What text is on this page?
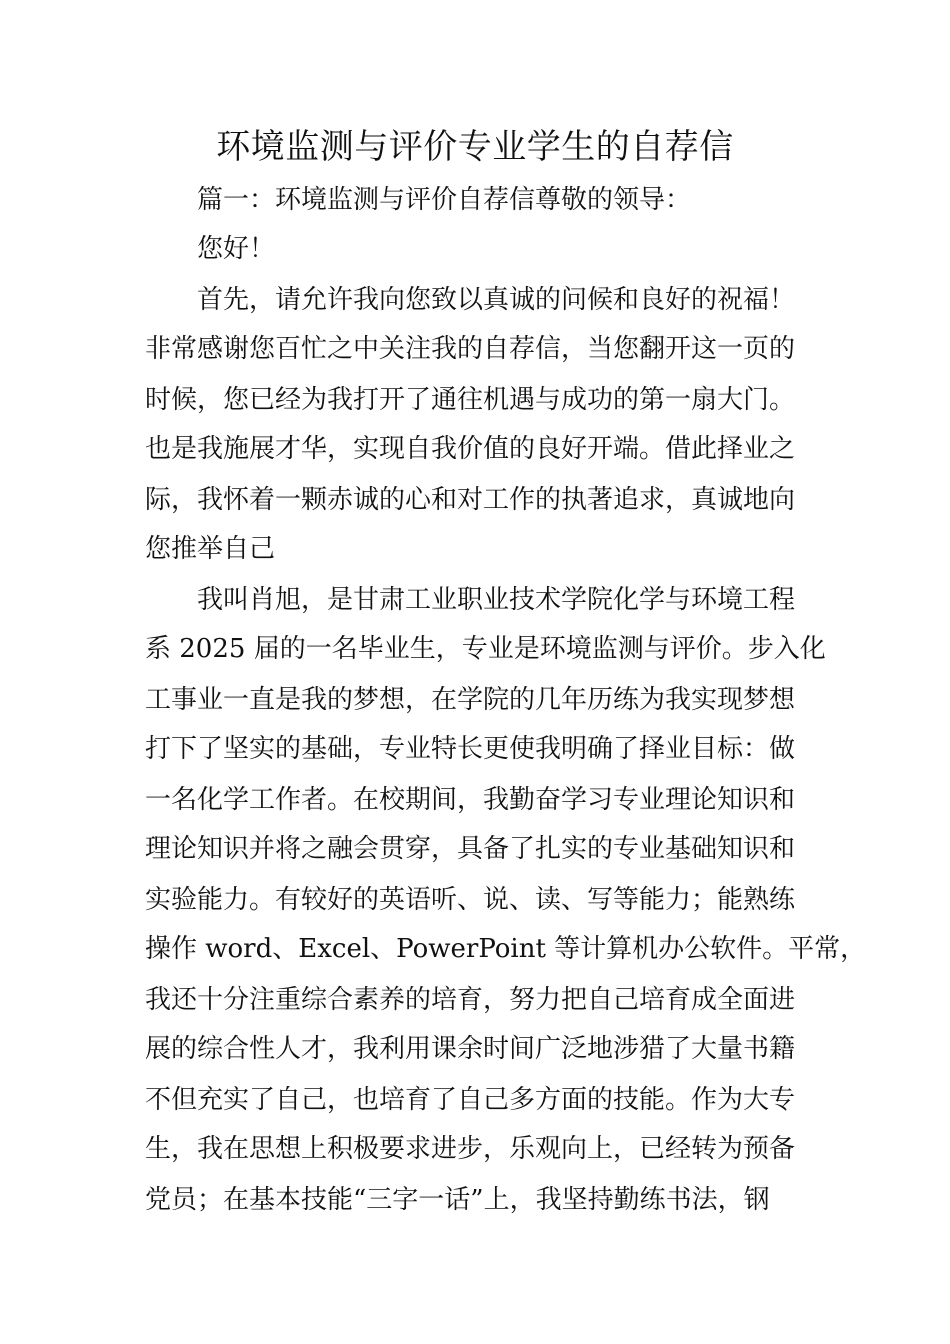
环境监测与评价专业学生的自荐信
篇一：环境监测与评价自荐信尊敬的领导：
您好！
首先，请允许我向您致以真诚的问候和良好的祝福！
非常感谢您百忙之中关注我的自荐信，当您翻开这一页的
时候，您已经为我打开了通往机遇与成功的第一扇大门。
也是我施展才华，实现自我价值的良好开端。借此择业之
际，我怀着一颗赤诚的心和对工作的执著追求，真诚地向
您推举自己
我叫肖旭，是甘肃工业职业技术学院化学与环境工程
系 2025 届的一名毕业生，专业是环境监测与评价。步入化
工事业一直是我的梦想，在学院的几年历练为我实现梦想
打下了坚实的基础，专业特长更使我明确了择业目标：做
一名化学工作者。在校期间，我勤奋学习专业理论知识和
理论知识并将之融会贯穿，具备了扎实的专业基础知识和
实验能力。有较好的英语听、说、读、写等能力；能熟练
操作 word、Excel、PowerPoint 等计算机办公软件。平常，
我还十分注重综合素养的培育，努力把自己培育成全面进
展的综合性人才，我利用课余时间广泛地涉猎了大量书籍
不但充实了自己，也培育了自己多方面的技能。作为大专
生，我在思想上积极要求进步，乐观向上，已经转为预备
党员；在基本技能“三字一话”上，我坚持勤练书法，钢
